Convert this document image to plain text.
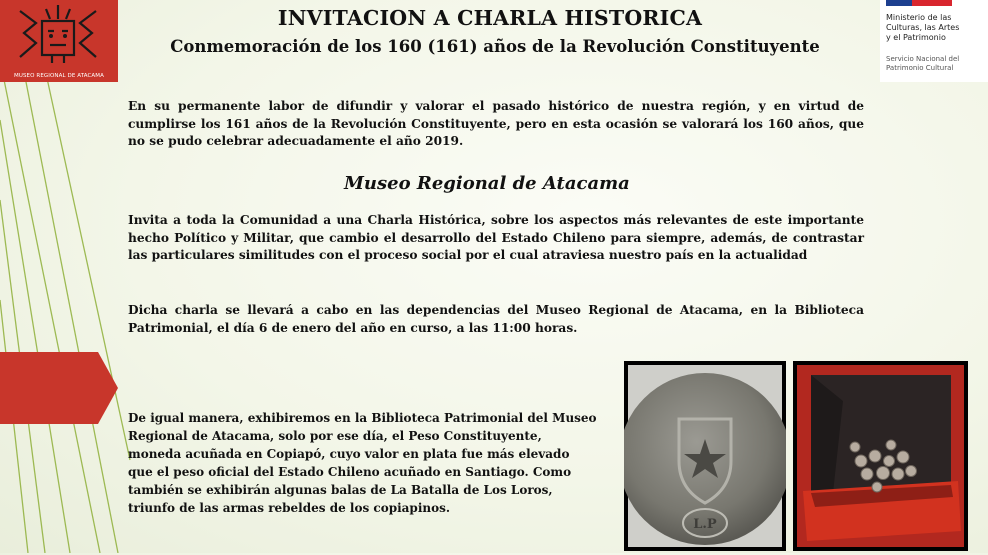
MUSEO REGIONAL DE ATACAMA
INVITACION A CHARLA HISTORICA
Conmemoración de los 160 (161) años de la Revolución Constituyente
Ministerio de las
Culturas, las Artes
y el Patrimonio
Servicio Nacional del
Patrimonio Cultural
En su permanente labor de difundir y valorar el pasado histórico de nuestra región, y en virtud de cumplirse los 161 años de la Revolución Constituyente, pero en esta ocasión se valorará los 160 años, que no se pudo celebrar adecuadamente el año 2019.
Museo Regional de Atacama
Invita a toda la Comunidad a una Charla Histórica, sobre los aspectos más relevantes de este importante hecho Político y Militar, que cambio el desarrollo del Estado Chileno para siempre, además, de contrastar las particulares similitudes con el proceso social por el cual atraviesa nuestro país en la actualidad
Dicha charla se llevará a cabo en las dependencias del Museo Regional de Atacama, en la Biblioteca Patrimonial, el día 6 de enero del año en curso, a las 11:00 horas.
De igual manera, exhibiremos en la Biblioteca Patrimonial del Museo Regional de Atacama, solo por ese día, el Peso Constituyente, moneda acuñada en Copiapó, cuyo valor en plata fue más elevado que el peso oficial del Estado Chileno acuñado en Santiago. Como también se exhibirán algunas balas de La Batalla de Los Loros, triunfo de las armas rebeldes de los copiapinos.
L.P
